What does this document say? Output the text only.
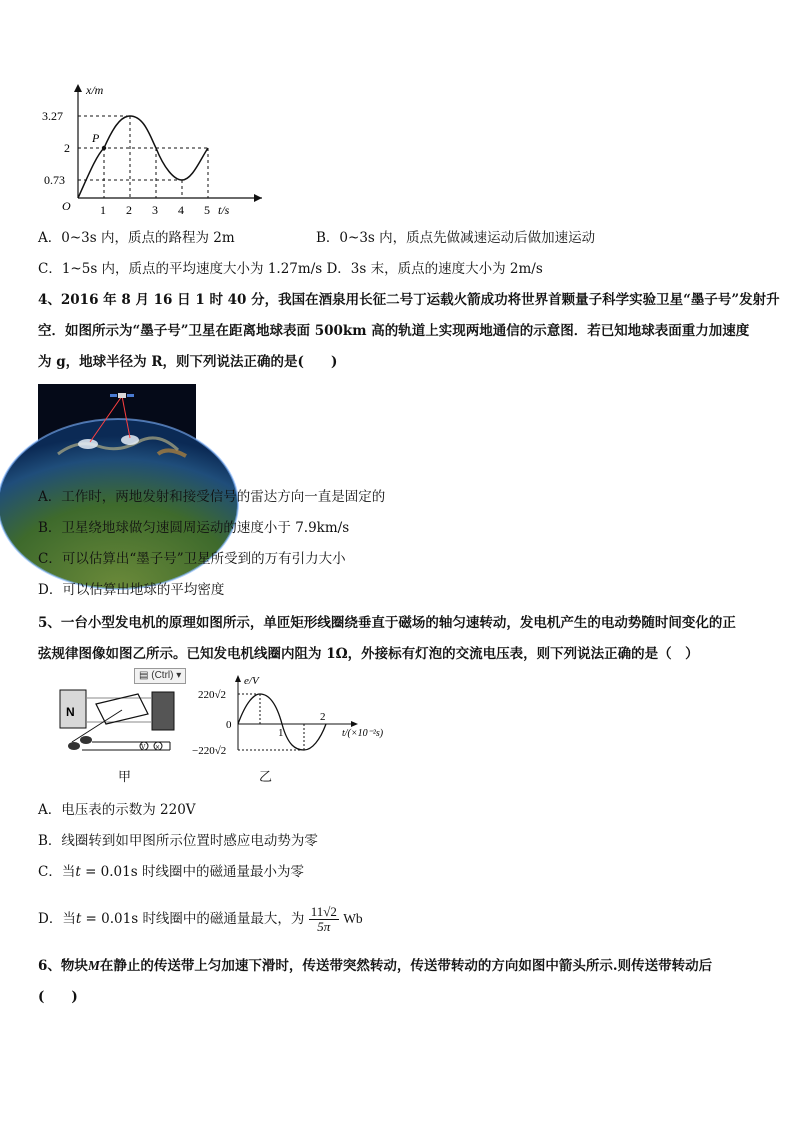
x/m
P
O
3.27
2
0.73
1 2 3 4 5 t/s
A．0~3s 内，质点的路程为 2m	B．0~3s 内，质点先做减速运动后做加速运动
C．1~5s 内，质点的平均速度大小为 1.27m/s D．3s 末，质点的速度大小为 2m/s
4、2016 年 8 月 16 日 1 时 40 分，我国在酒泉用长征二号丁运载火箭成功将世界首颗量子科学实验卫星“墨子号”发射升
空．如图所示为“墨子号”卫星在距离地球表面 500km 高的轨道上实现两地通信的示意图．若已知地球表面重力加速度
为 g，地球半径为 R，则下列说法正确的是(　　)
A．工作时，两地发射和接受信号的雷达方向一直是固定的
B．卫星绕地球做匀速圆周运动的速度小于 7.9km/s
C．可以估算出“墨子号”卫星所受到的万有引力大小
D．可以估算出地球的平均密度
5、一台小型发电机的原理如图所示，单匝矩形线圈绕垂直于磁场的轴匀速转动，发电机产生的电动势随时间变化的正
弦规律图像如图乙所示。已知发电机线圈内阻为 1Ω，外接标有灯泡的交流电压表，则下列说法正确的是（　）
N
V ×
▤ (Ctrl) ▾
甲
e/V
220√2
0
−220√2
1
2
t/(×10⁻²s)
乙
A．电压表的示数为 220V
B．线圈转到如甲图所示位置时感应电动势为零
C．当t = 0.01s 时线圈中的磁通量最小为零
D．当t = 0.01s 时线圈中的磁通量最大，为 $\frac{11√2}{5\pi}$ Wb
6、物块M在静止的传送带上匀加速下滑时，传送带突然转动，传送带转动的方向如图中箭头所示.则传送带转动后
(　　)
